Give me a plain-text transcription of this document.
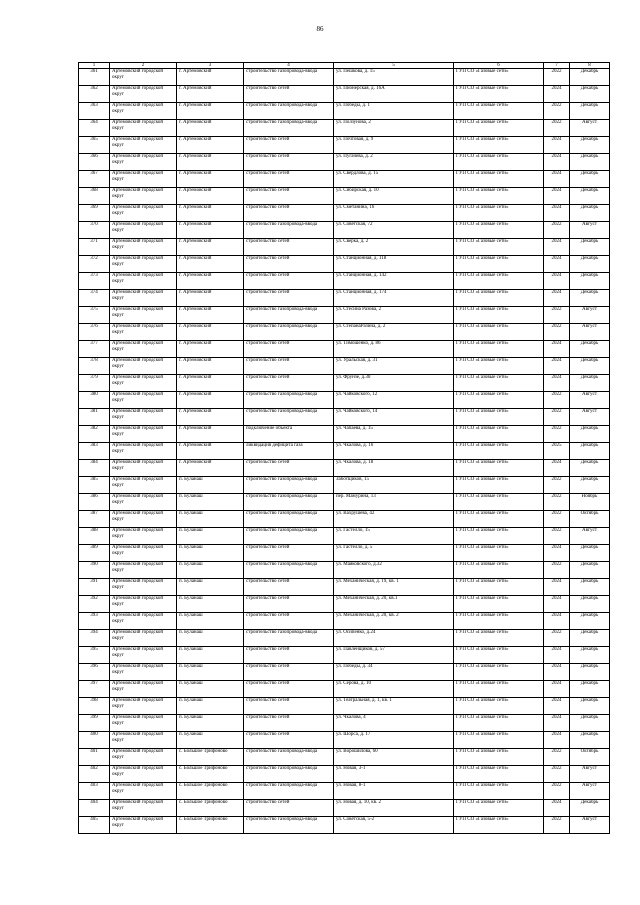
86
1	2	3	4	5	6	7	8
361	Артемовский городской округ	г. Артемовский	строительство газопровода-ввода	ул. Пешкова, д. 15	ГУП СО «Газовые сети»	2022	Декабрь
362	Артемовский городской округ	г. Артемовский	строительство сетей	ул. Пионерская, д. 16А	ГУП СО «Газовые сети»	2024	Декабрь
363	Артемовский городской округ	г. Артемовский	строительство газопровода-ввода	ул. Победы, д. 1	ГУП СО «Газовые сети»	2022	Декабрь
364	Артемовский городской округ	г. Артемовский	строительство газопровода-ввода	ул. Ползунова, 2	ГУП СО «Газовые сети»	2022	Август
365	Артемовский городской округ	г. Артемовский	строительство сетей	ул. Почтовая, д. 9	ГУП СО «Газовые сети»	2024	Декабрь
366	Артемовский городской округ	г. Артемовский	строительство сетей	ул. Пугачева, д. 2	ГУП СО «Газовые сети»	2024	Декабрь
367	Артемовский городской округ	г. Артемовский	строительство сетей	ул. Свердлова, д. 15	ГУП СО «Газовые сети»	2024	Декабрь
368	Артемовский городской округ	г. Артемовский	строительство сетей	ул. Сибирская, д. 10	ГУП СО «Газовые сети»	2024	Декабрь
369	Артемовский городской округ	г. Артемовский	строительство сетей	ул. Сметанина, 16	ГУП СО «Газовые сети»	2024	Декабрь
370	Артемовский городской округ	г. Артемовский	строительство газопровода-ввода	ул. Советская, 72	ГУП СО «Газовые сети»	2022	Август
371	Артемовский городской округ	г. Артемовский	строительство сетей	ул. Сверка, д. 2	ГУП СО «Газовые сети»	2024	Декабрь
372	Артемовский городской округ	г. Артемовский	строительство сетей	ул. Станционная, д. 118	ГУП СО «Газовые сети»	2024	Декабрь
373	Артемовский городской округ	г. Артемовский	строительство сетей	ул. Станционная, д. 142	ГУП СО «Газовые сети»	2024	Декабрь
374	Артемовский городской округ	г. Артемовский	строительство сетей	ул. Станционная, д. 174	ГУП СО «Газовые сети»	2024	Декабрь
375	Артемовский городской округ	г. Артемовский	строительство газопровода-ввода	ул. Стесина Разова, 2	ГУП СО «Газовые сети»	2022	Август
376	Артемовский городской округ	г. Артемовский	строительство газопровода-ввода	ул. СтепанаРазина, д. 2	ГУП СО «Газовые сети»	2022	Август
377	Артемовский городской округ	г. Артемовский	строительство сетей	ул. Тимошенко, д. 86	ГУП СО «Газовые сети»	2024	Декабрь
378	Артемовский городской округ	г. Артемовский	строительство сетей	ул. Уральская, д. 31	ГУП СО «Газовые сети»	2024	Декабрь
379	Артемовский городской округ	г. Артемовский	строительство сетей	ул. Фрунзе, д.30	ГУП СО «Газовые сети»	2024	Декабрь
380	Артемовский городской округ	г. Артемовский	строительство газопровода-ввода	ул. Чайковского, 12	ГУП СО «Газовые сети»	2022	Август
381	Артемовский городской округ	г. Артемовский	строительство газопровода-ввода	ул. Чайковского, 14	ГУП СО «Газовые сети»	2022	Август
382	Артемовский городской округ	г. Артемовский	подключение объекта	ул. Чапаева, д. 15	ГУП СО «Газовые сети»	2022	Декабрь
383	Артемовский городской округ	г. Артемовский	ликвидация дефицита газа	ул. Чкалова, д. 16	ГУП СО «Газовые сети»	2025	Декабрь
384	Артемовский городской округ	г. Артемовский	строительство сетей	ул. Чкалова, д. 18	ГУП СО «Газовые сети»	2024	Декабрь
385	Артемовский городской округ	п. Буланаш	строительство газопровода-ввода	Заботщиков, 15	ГУП СО «Газовые сети»	2022	Декабрь
386	Артемовский городской округ	п. Буланаш	строительство газопровода-ввода	пер. Мамурина, 13	ГУП СО «Газовые сети»	2022	Ноябрь
387	Артемовский городской округ	п. Буланаш	строительство газопровода-ввода	ул. Вахрушева, 42	ГУП СО «Газовые сети»	2022	Октябрь
388	Артемовский городской округ	п. Буланаш	строительство газопровода-ввода	ул. Гастелло, 15	ГУП СО «Газовые сети»	2022	Август
389	Артемовский городской округ	п. Буланаш	строительство сетей	ул. Гастелло, д. 5	ГУП СО «Газовые сети»	2024	Декабрь
390	Артемовский городской округ	п. Буланаш	строительство газопровода-ввода	ул. Маяковского, д.32	ГУП СО «Газовые сети»	2022	Декабрь
391	Артемовский городской округ	п. Буланаш	строительство сетей	ул. Механическая, д. 19, кв. 1	ГУП СО «Газовые сети»	2024	Декабрь
392	Артемовский городской округ	п. Буланаш	строительство сетей	ул. Механическая, д. 20, кв.1	ГУП СО «Газовые сети»	2024	Декабрь
393	Артемовский городской округ	п. Буланаш	строительство сетей	ул. Механическая, д. 20, кв. 2	ГУП СО «Газовые сети»	2024	Декабрь
394	Артемовский городской округ	п. Буланаш	строительство газопровода-ввода	ул. Осипенко, д.24	ГУП СО «Газовые сети»	2022	Декабрь
395	Артемовский городской округ	п. Буланаш	строительство сетей	ул. Павленщиков, д. 57	ГУП СО «Газовые сети»	2024	Декабрь
396	Артемовский городской округ	п. Буланаш	строительство сетей	ул. Победы, д. 34	ГУП СО «Газовые сети»	2024	Декабрь
397	Артемовский городской округ	п. Буланаш	строительство сетей	ул. Серова, д. 10	ГУП СО «Газовые сети»	2024	Декабрь
398	Артемовский городской округ	п. Буланаш	строительство сетей	ул. Театральная, д. 1, кв. 1	ГУП СО «Газовые сети»	2024	Декабрь
399	Артемовский городской округ	п. Буланаш	строительство сетей	ул. Чкалова, 4	ГУП СО «Газовые сети»	2024	Декабрь
400	Артемовский городской округ	п. Буланаш	строительство сетей	ул. Шорса, д. 17	ГУП СО «Газовые сети»	2024	Декабрь
401	Артемовский городской округ	с. Большое Трифоново	строительство газопровода-ввода	ул. Ворошилова, 60	ГУП СО «Газовые сети»	2022	Октябрь
402	Артемовский городской округ	с. Большое Трифоново	строительство газопровода-ввода	ул. Новая, 3-1	ГУП СО «Газовые сети»	2022	Август
403	Артемовский городской округ	с. Большое Трифоново	строительство газопровода-ввода	ул. Новая, 8-1	ГУП СО «Газовые сети»	2022	Август
404	Артемовский городской округ	с. Большое Трифоново	строительство сетей	ул. Новая, д. 10, кв. 2	ГУП СО «Газовые сети»	2024	Декабрь
405	Артемовский городской округ	с. Большое Трифоново	строительство газопровода-ввода	ул. Советская, 5-2	ГУП СО «Газовые сети»	2022	Август
